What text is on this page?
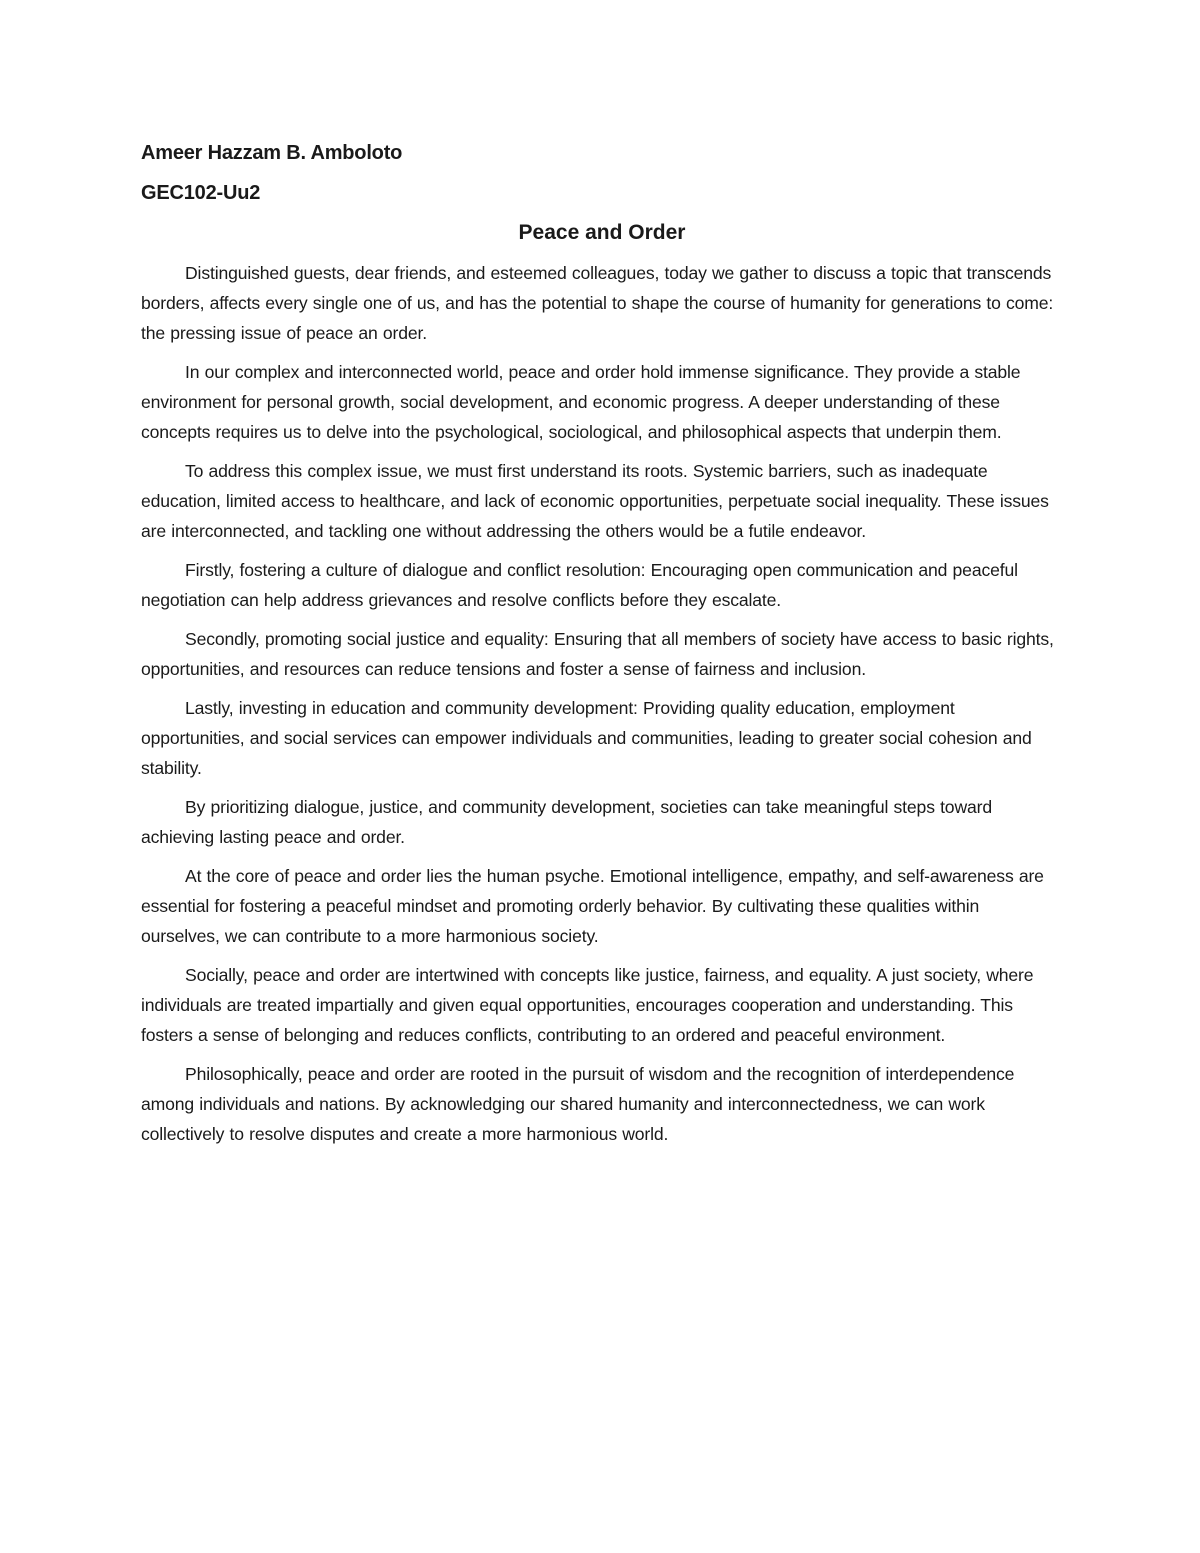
Ameer Hazzam B. Amboloto
GEC102-Uu2
Peace and Order

Distinguished guests, dear friends, and esteemed colleagues, today we gather to discuss a topic that transcends borders, affects every single one of us, and has the potential to shape the course of humanity for generations to come: the pressing issue of peace an order.

In our complex and interconnected world, peace and order hold immense significance. They provide a stable environment for personal growth, social development, and economic progress. A deeper understanding of these concepts requires us to delve into the psychological, sociological, and philosophical aspects that underpin them.

To address this complex issue, we must first understand its roots. Systemic barriers, such as inadequate education, limited access to healthcare, and lack of economic opportunities, perpetuate social inequality. These issues are interconnected, and tackling one without addressing the others would be a futile endeavor.

Firstly, fostering a culture of dialogue and conflict resolution: Encouraging open communication and peaceful negotiation can help address grievances and resolve conflicts before they escalate.

Secondly, promoting social justice and equality: Ensuring that all members of society have access to basic rights, opportunities, and resources can reduce tensions and foster a sense of fairness and inclusion.

Lastly, investing in education and community development: Providing quality education, employment opportunities, and social services can empower individuals and communities, leading to greater social cohesion and stability.

By prioritizing dialogue, justice, and community development, societies can take meaningful steps toward achieving lasting peace and order.

At the core of peace and order lies the human psyche. Emotional intelligence, empathy, and self-awareness are essential for fostering a peaceful mindset and promoting orderly behavior. By cultivating these qualities within ourselves, we can contribute to a more harmonious society.

Socially, peace and order are intertwined with concepts like justice, fairness, and equality. A just society, where individuals are treated impartially and given equal opportunities, encourages cooperation and understanding. This fosters a sense of belonging and reduces conflicts, contributing to an ordered and peaceful environment.

Philosophically, peace and order are rooted in the pursuit of wisdom and the recognition of interdependence among individuals and nations. By acknowledging our shared humanity and interconnectedness, we can work collectively to resolve disputes and create a more harmonious world.
